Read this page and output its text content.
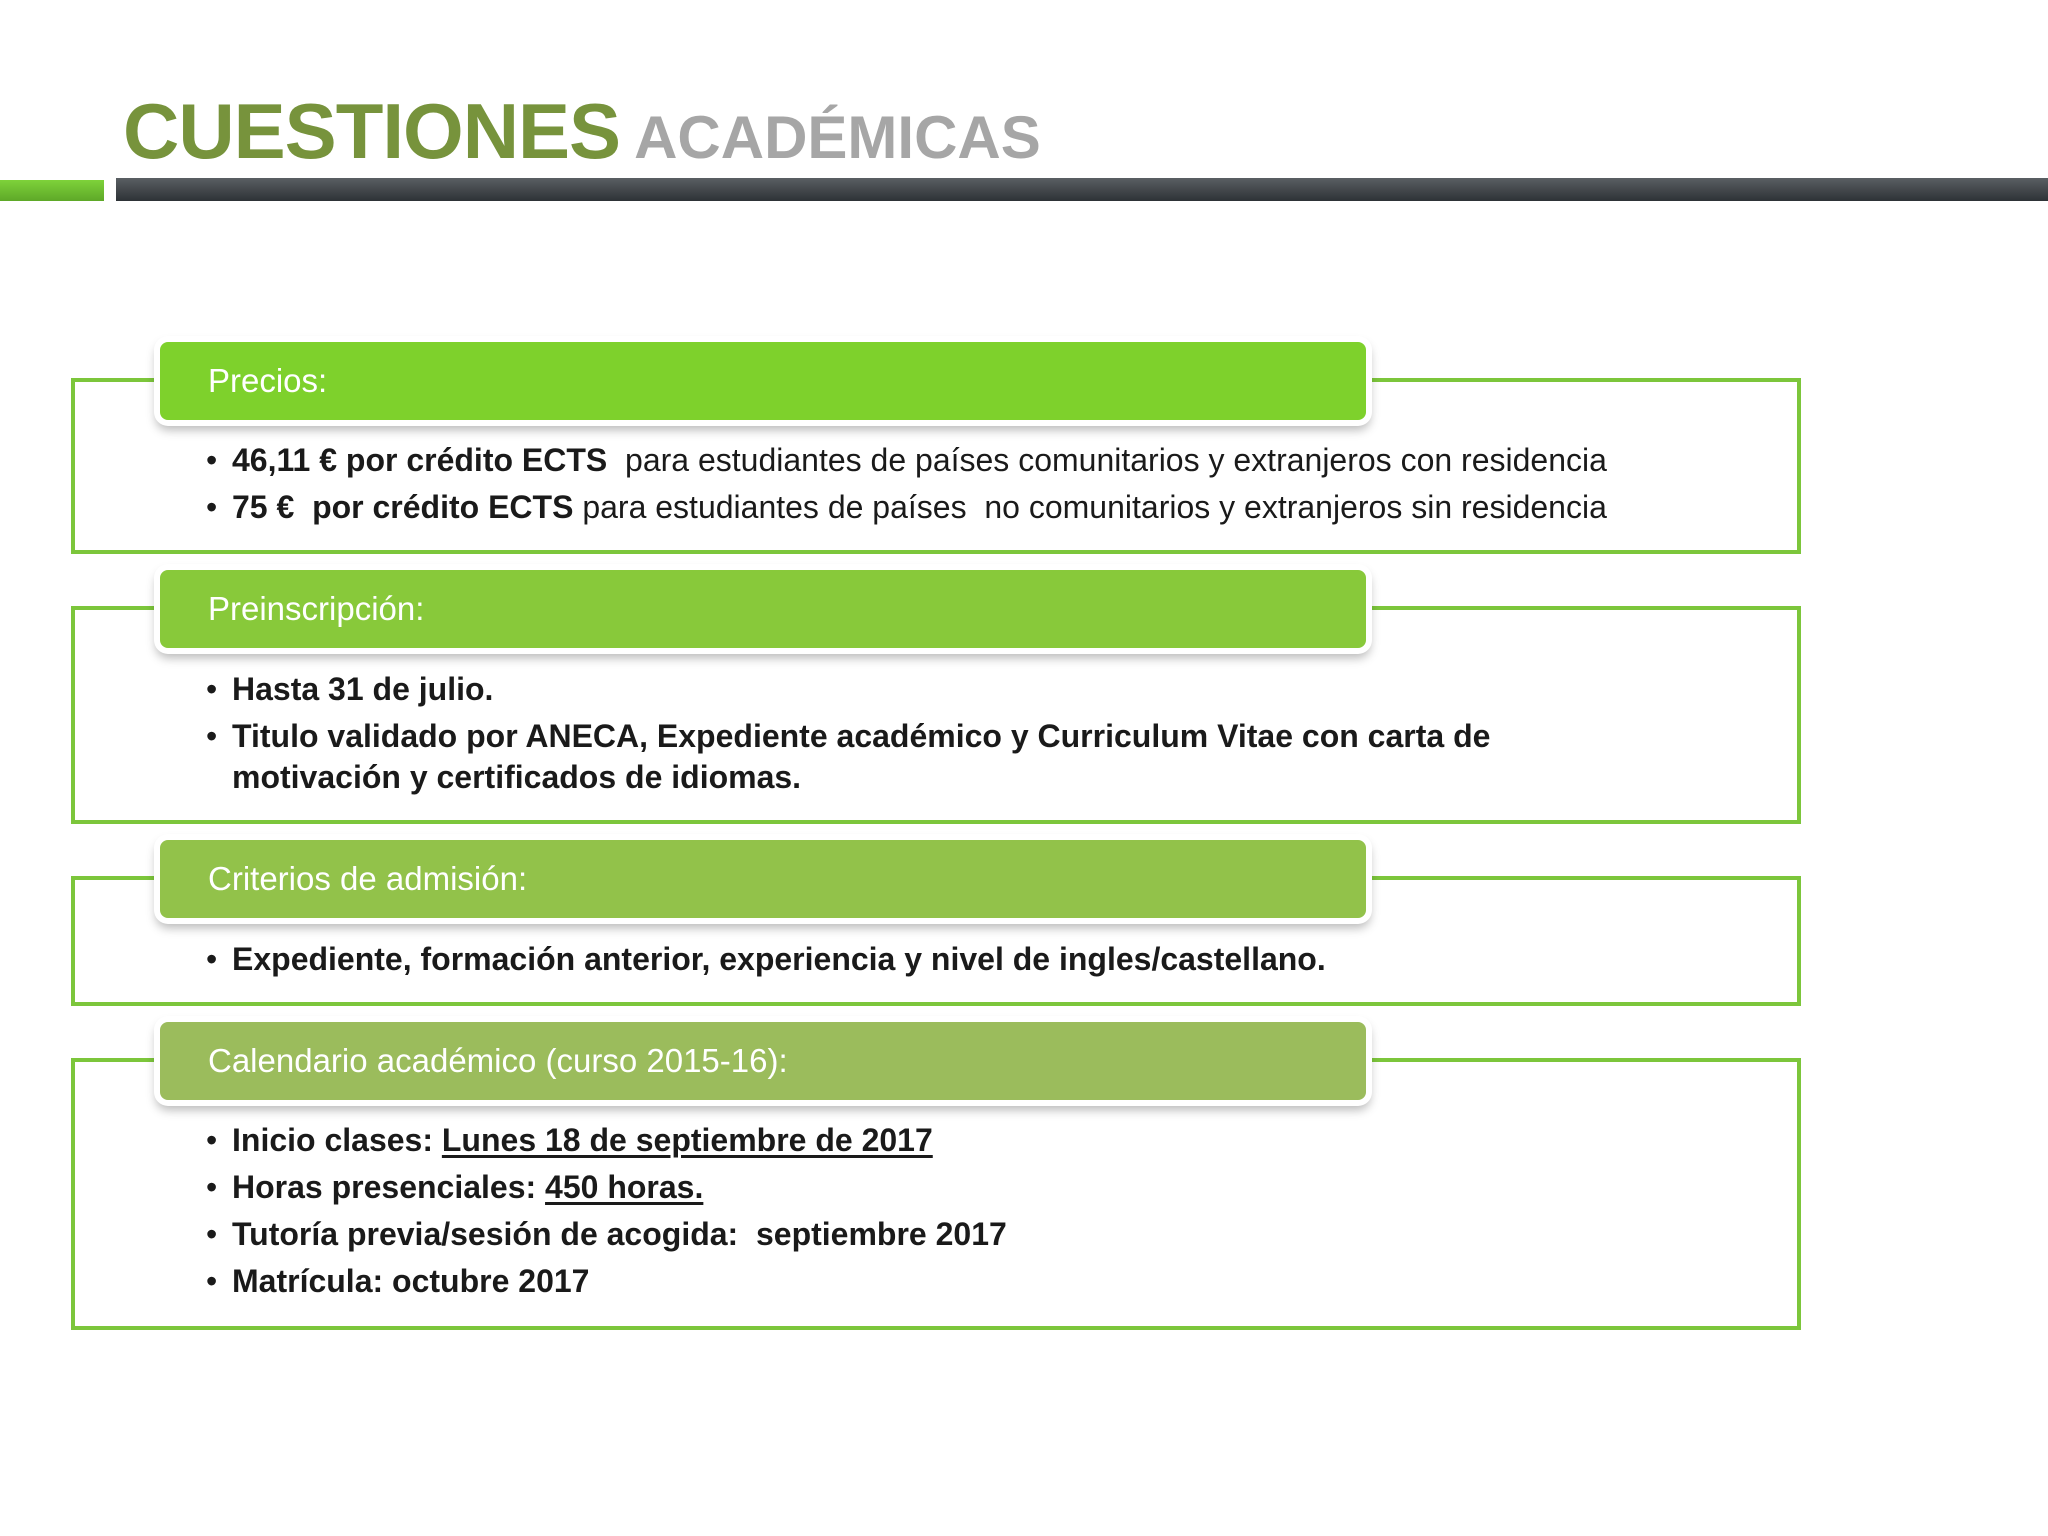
CUESTIONES ACADÉMICAS
Precios:
• 46,11 € por crédito ECTS  para estudiantes de países comunitarios y extranjeros con residencia
• 75 €  por crédito ECTS para estudiantes de países  no comunitarios y extranjeros sin residencia
Preinscripción:
• Hasta 31 de julio.
• Titulo validado por ANECA, Expediente académico y Curriculum Vitae con carta de motivación y certificados de idiomas.
Criterios de admisión:
• Expediente, formación anterior, experiencia y nivel de ingles/castellano.
Calendario académico (curso 2015-16):
• Inicio clases: Lunes 18 de septiembre de 2017
• Horas presenciales: 450 horas.
• Tutoría previa/sesión de acogida:  septiembre 2017
• Matrícula: octubre 2017
